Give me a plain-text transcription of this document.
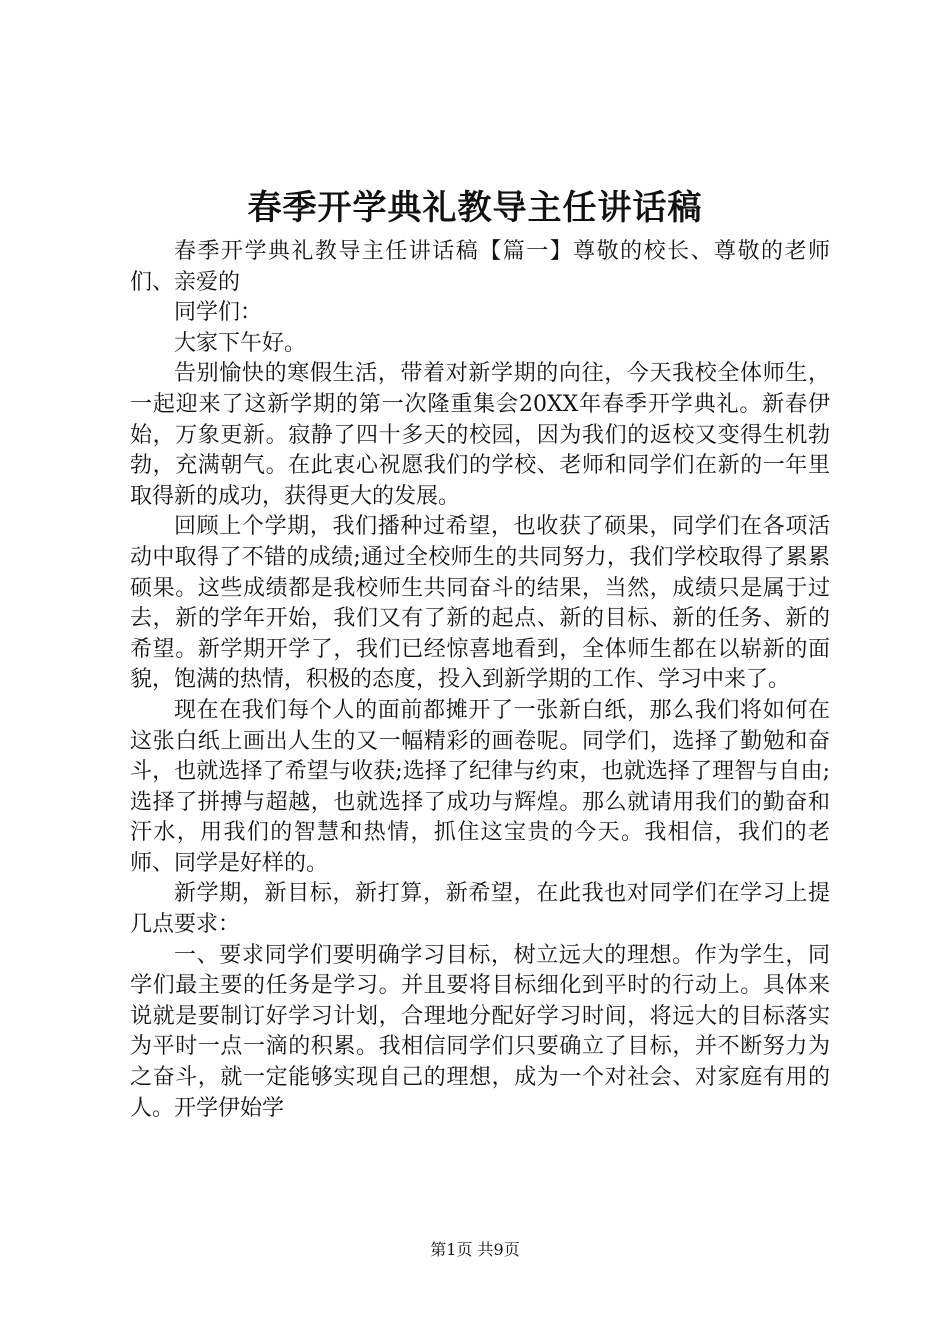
春季开学典礼教导主任讲话稿

春季开学典礼教导主任讲话稿【篇一】尊敬的校长、尊敬的老师们、亲爱的

同学们：

大家下午好。

告别愉快的寒假生活，带着对新学期的向往，今天我校全体师生，一起迎来了这新学期的第一次隆重集会20XX年春季开学典礼。新春伊始，万象更新。寂静了四十多天的校园，因为我们的返校又变得生机勃勃，充满朝气。在此衷心祝愿我们的学校、老师和同学们在新的一年里取得新的成功，获得更大的发展。

回顾上个学期，我们播种过希望，也收获了硕果，同学们在各项活动中取得了不错的成绩;通过全校师生的共同努力，我们学校取得了累累硕果。这些成绩都是我校师生共同奋斗的结果，当然，成绩只是属于过去，新的学年开始，我们又有了新的起点、新的目标、新的任务、新的希望。新学期开学了，我们已经惊喜地看到，全体师生都在以崭新的面貌，饱满的热情，积极的态度，投入到新学期的工作、学习中来了。

现在在我们每个人的面前都摊开了一张新白纸，那么我们将如何在这张白纸上画出人生的又一幅精彩的画卷呢。同学们，选择了勤勉和奋斗，也就选择了希望与收获;选择了纪律与约束，也就选择了理智与自由;选择了拼搏与超越，也就选择了成功与辉煌。那么就请用我们的勤奋和汗水，用我们的智慧和热情，抓住这宝贵的今天。我相信，我们的老师、同学是好样的。

新学期，新目标，新打算，新希望，在此我也对同学们在学习上提几点要求：

一、要求同学们要明确学习目标，树立远大的理想。作为学生，同学们最主要的任务是学习。并且要将目标细化到平时的行动上。具体来说就是要制订好学习计划，合理地分配好学习时间，将远大的目标落实为平时一点一滴的积累。我相信同学们只要确立了目标，并不断努力为之奋斗，就一定能够实现自己的理想，成为一个对社会、对家庭有用的人。开学伊始学

第1页 共9页
